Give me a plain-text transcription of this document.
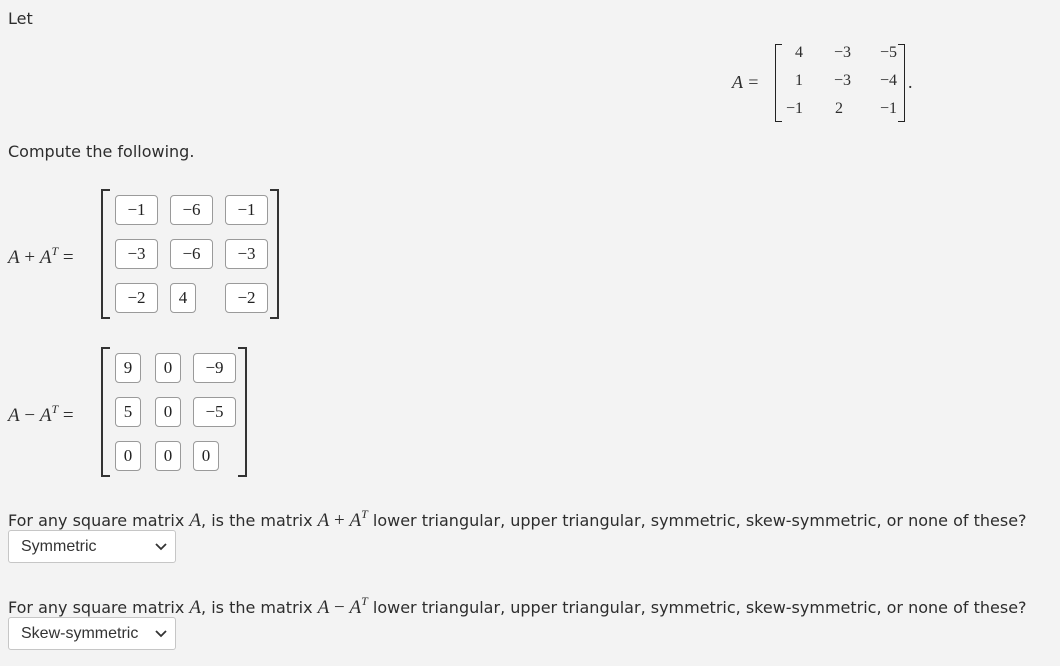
Let
A =
4	−3	−5
1	−3	−4
−1	2	−1
.
Compute the following.
$A + A^T$ =
−1	−6	−1
−3	−6	−3
−2	4	−2
$A - A^T$ =
9	0	−9
5	0	−5
0	0	0
For any square matrix A, is the matrix $A + A^T$ lower triangular, upper triangular, symmetric, skew-symmetric, or none of these?
Symmetric
For any square matrix A, is the matrix $A - A^T$ lower triangular, upper triangular, symmetric, skew-symmetric, or none of these?
Skew-symmetric
